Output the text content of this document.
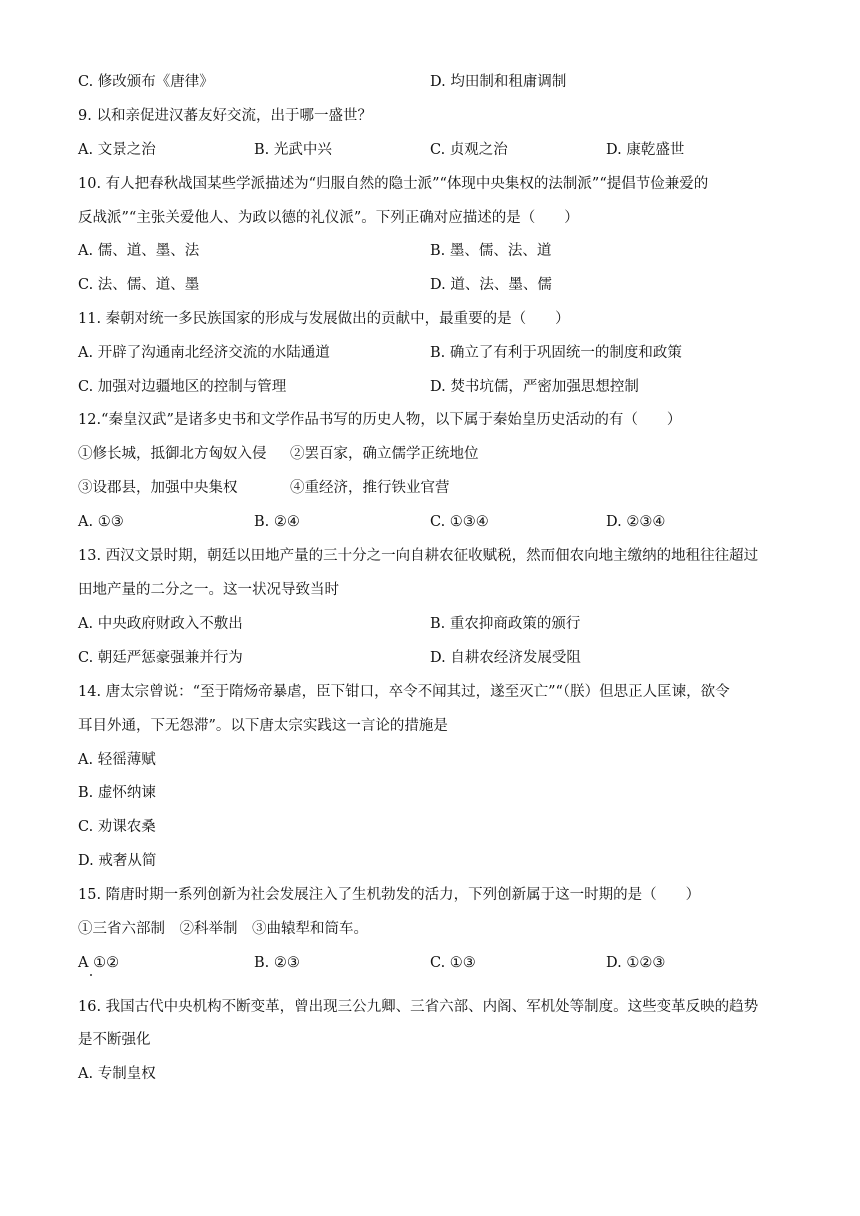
C. 修改颁布《唐律》	D. 均田制和租庸调制
9. 以和亲促进汉蕃友好交流，出于哪一盛世？
A. 文景之治	B. 光武中兴	C. 贞观之治	D. 康乾盛世
10. 有人把春秋战国某些学派描述为“归服自然的隐士派”“体现中央集权的法制派”“提倡节俭兼爱的
反战派”“主张关爱他人、为政以德的礼仪派”。下列正确对应描述的是（　　）
A. 儒、道、墨、法	B. 墨、儒、法、道
C. 法、儒、道、墨	D. 道、法、墨、儒
11. 秦朝对统一多民族国家的形成与发展做出的贡献中，最重要的是（　　）
A. 开辟了沟通南北经济交流的水陆通道	B. 确立了有利于巩固统一的制度和政策
C. 加强对边疆地区的控制与管理	D. 焚书坑儒，严密加强思想控制
12.“秦皇汉武”是诸多史书和文学作品书写的历史人物，以下属于秦始皇历史活动的有（　　）
①修长城，抵御北方匈奴入侵 ②罢百家，确立儒学正统地位
③设郡县，加强中央集权	④重经济，推行铁业官营
A. ①③	B. ②④	C. ①③④	D. ②③④
13. 西汉文景时期，朝廷以田地产量的三十分之一向自耕农征收赋税，然而佃农向地主缴纳的地租往往超过
田地产量的二分之一。这一状况导致当时
A. 中央政府财政入不敷出	B. 重农抑商政策的颁行
C. 朝廷严惩豪强兼并行为	D. 自耕农经济发展受阻
14. 唐太宗曾说：“至于隋炀帝暴虐，臣下钳口，卒令不闻其过，遂至灭亡”“（朕）但思正人匡谏，欲令
耳目外通，下无怨滞”。以下唐太宗实践这一言论的措施是
A. 轻徭薄赋
B. 虚怀纳谏
C. 劝课农桑
D. 戒奢从简
15. 隋唐时期一系列创新为社会发展注入了生机勃发的活力，下列创新属于这一时期的是（　　）
①三省六部制　②科举制　③曲辕犁和筒车。
A ①②	B. ②③	C. ①③	D. ①②③
16. 我国古代中央机构不断变革，曾出现三公九卿、三省六部、内阁、军机处等制度。这些变革反映的趋势
是不断强化
A. 专制皇权
